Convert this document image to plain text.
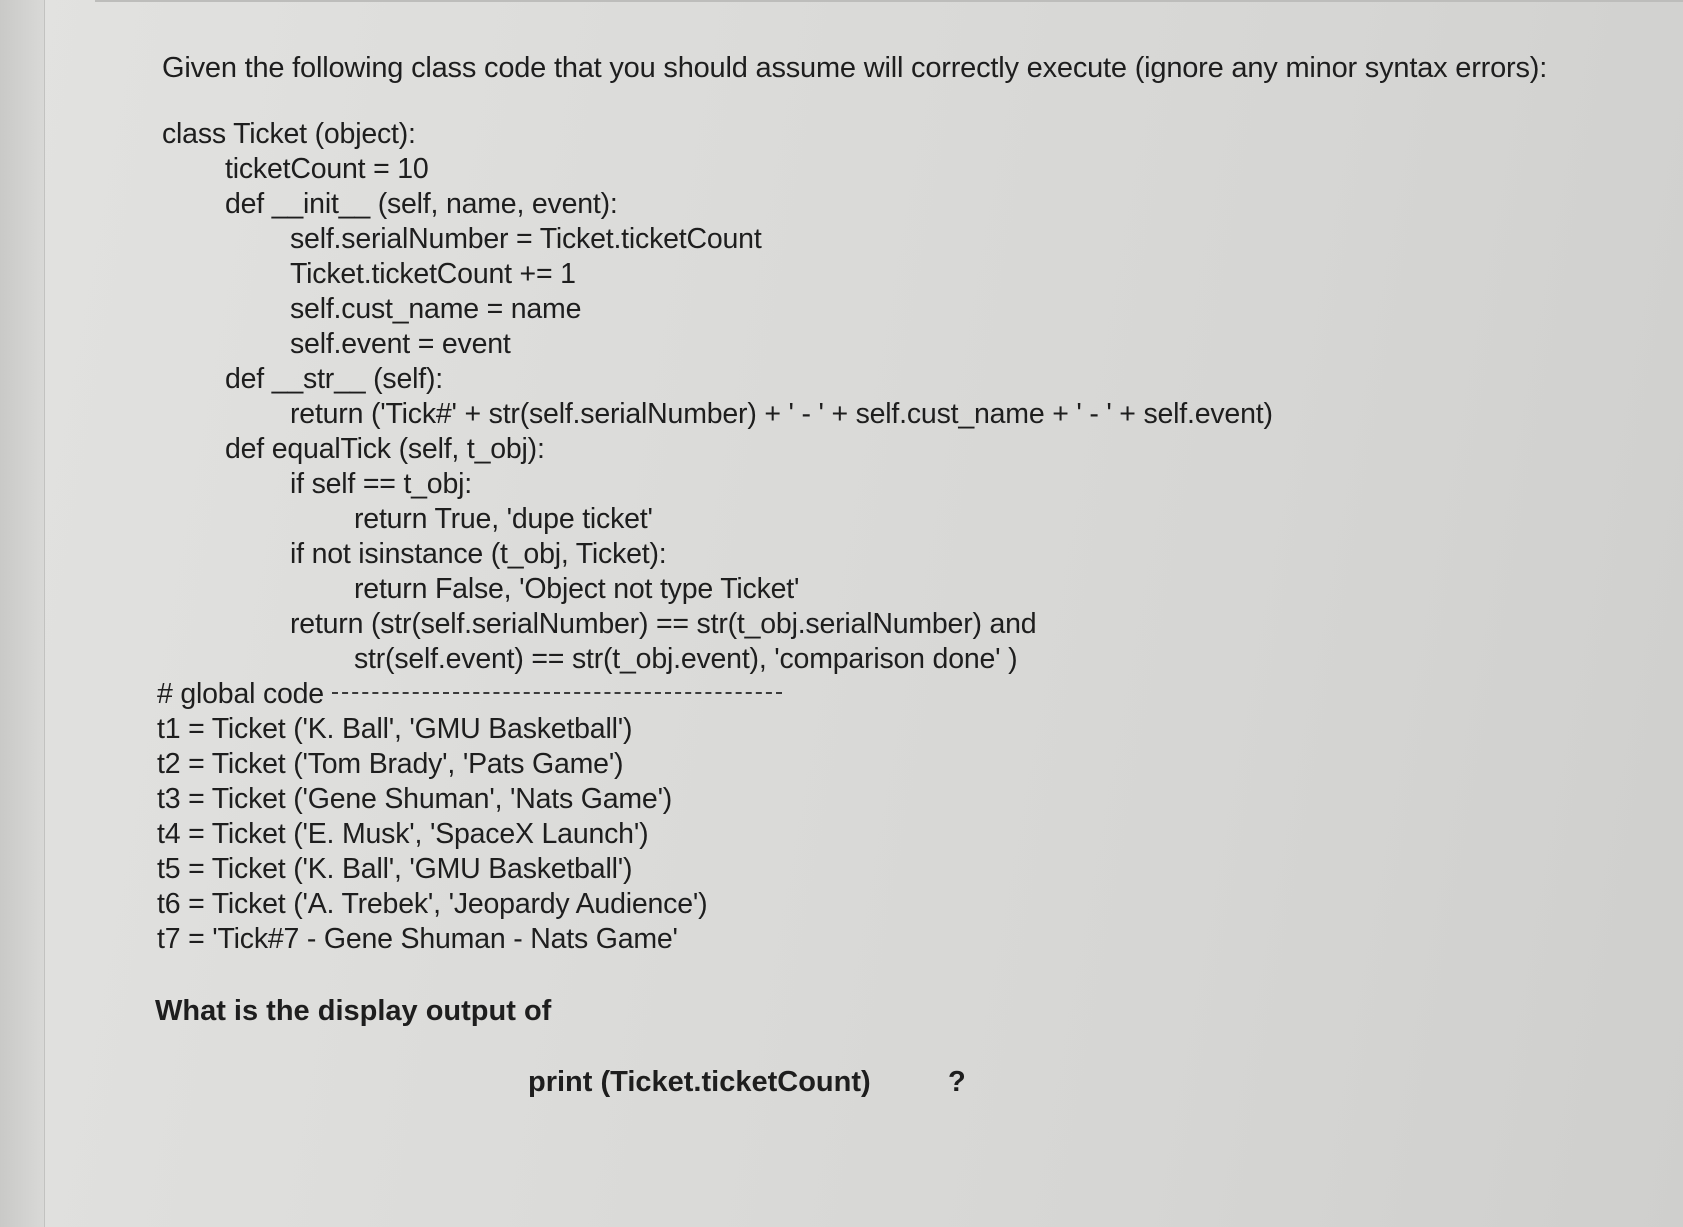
Given the following class code that you should assume will correctly execute (ignore any minor syntax errors):
class Ticket (object):
ticketCount = 10
def __init__ (self, name, event):
self.serialNumber = Ticket.ticketCount
Ticket.ticketCount += 1
self.cust_name = name
self.event = event
def __str__ (self):
return ('Tick#' + str(self.serialNumber) + ' - ' + self.cust_name + ' - ' + self.event)
def equalTick (self, t_obj):
if self == t_obj:
return True, 'dupe ticket'
if not isinstance (t_obj, Ticket):
return False, 'Object not type Ticket'
return (str(self.serialNumber) == str(t_obj.serialNumber) and
str(self.event) == str(t_obj.event), 'comparison done' )
# global code
t1 = Ticket ('K. Ball', 'GMU Basketball')
t2 = Ticket ('Tom Brady', 'Pats Game')
t3 = Ticket ('Gene Shuman', 'Nats Game')
t4 = Ticket ('E. Musk', 'SpaceX Launch')
t5 = Ticket ('K. Ball', 'GMU Basketball')
t6 = Ticket ('A. Trebek', 'Jeopardy Audience')
t7 = 'Tick#7 - Gene Shuman - Nats Game'
What is the display output of
print (Ticket.ticketCount)	?
